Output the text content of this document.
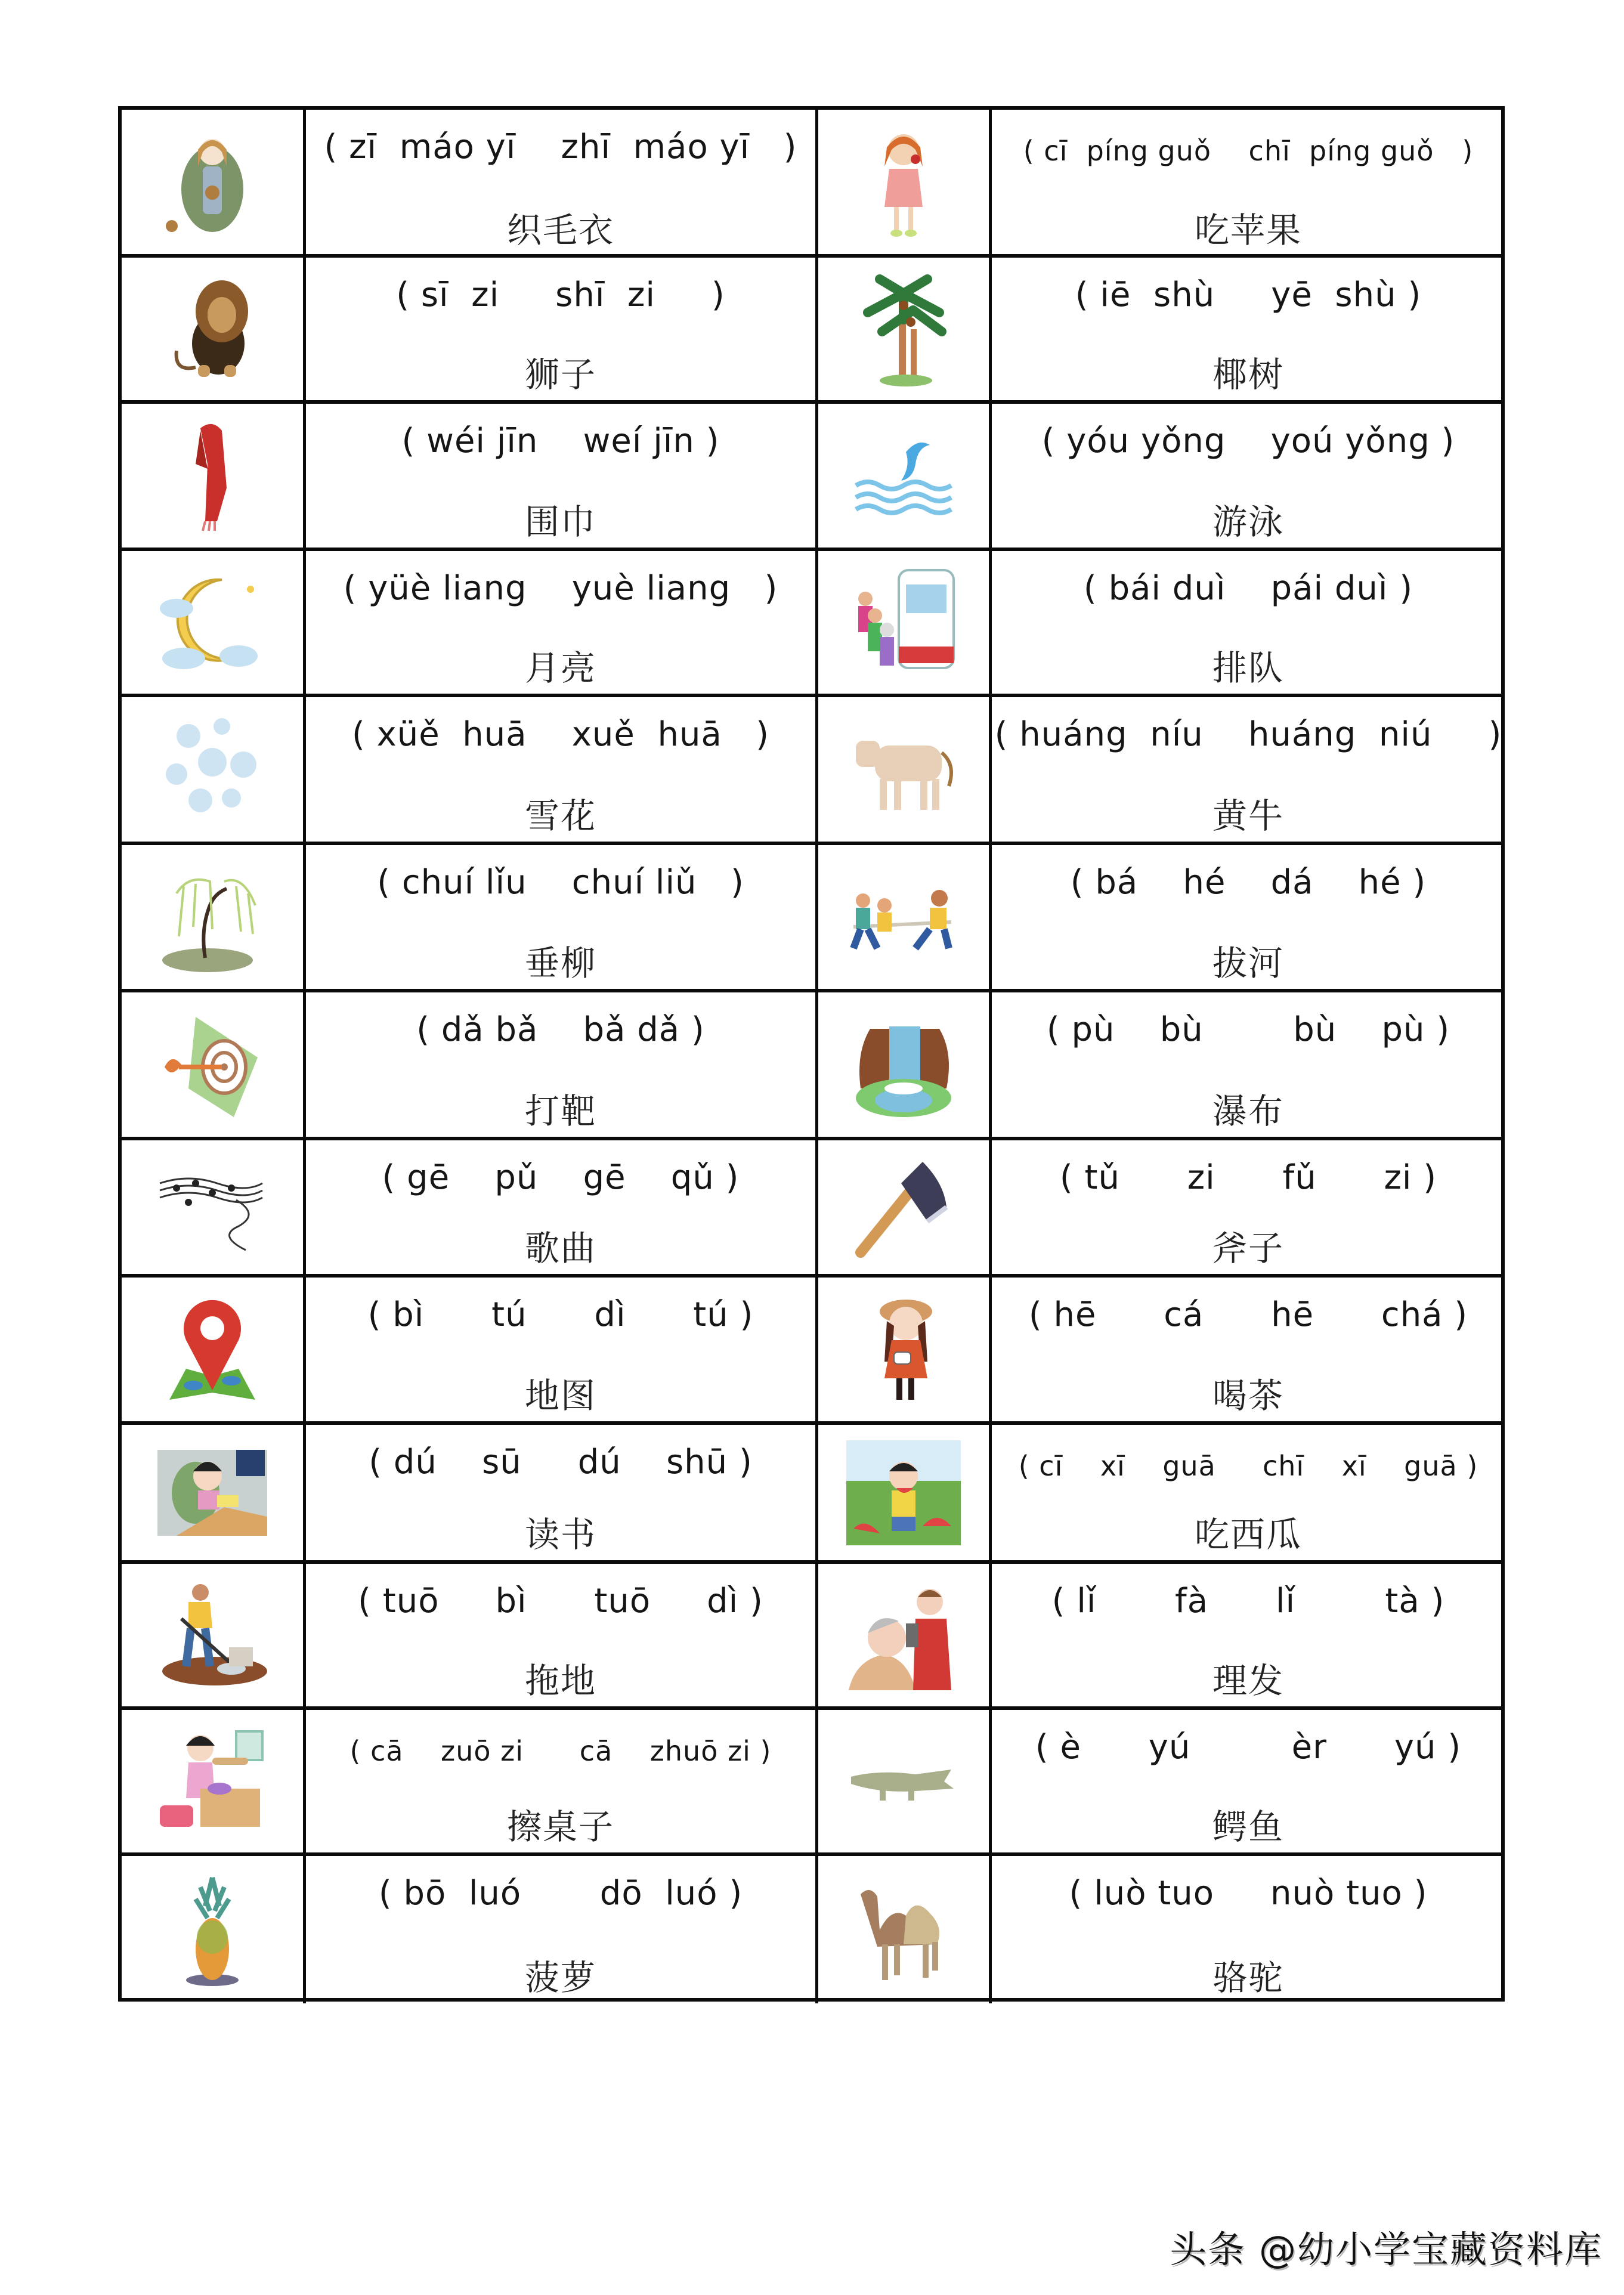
( zī  máo yī    zhī  máo yī   )
织毛衣
( cī  píng guǒ    chī  píng guǒ   )
吃苹果
( sī  zi     shī  zi     )
狮子
( iē  shù     yē  shù )
椰树
( wéi jīn    weí jīn )
围巾
( yóu yǒng    yoú yǒng )
游泳
( yüè liang    yuè liang   )
月亮
( bái duì    pái duì )
排队
( xüě  huā    xuě  huā   )
雪花
( huáng  níu    huáng  niú     )
黄牛
( chuí lǐu    chuí liǔ   )
垂柳
( bá    hé    dá    hé )
拔河
( dǎ bǎ    bǎ dǎ )
打靶
( pù    bù        bù    pù )
瀑布
( gē    pǔ    gē    qǔ )
歌曲
( tǔ      zi      fǔ      zi )
斧子
( bì      tú      dì      tú )
地图
( hē      cá      hē      chá )
喝茶
( dú    sū     dú    shū )
读书
( cī    xī    guā     chī    xī    guā )
吃西瓜
( tuō     bì      tuō     dì )
拖地
( lǐ       fà      lǐ        tà )
理发
( cā    zuō zi      cā    zhuō zi )
擦桌子
( è      yú         èr      yú )
鳄鱼
( bō  luó       dō  luó )
菠萝
( luò tuo     nuò tuo )
骆驼
头条 @幼小学宝藏资料库
